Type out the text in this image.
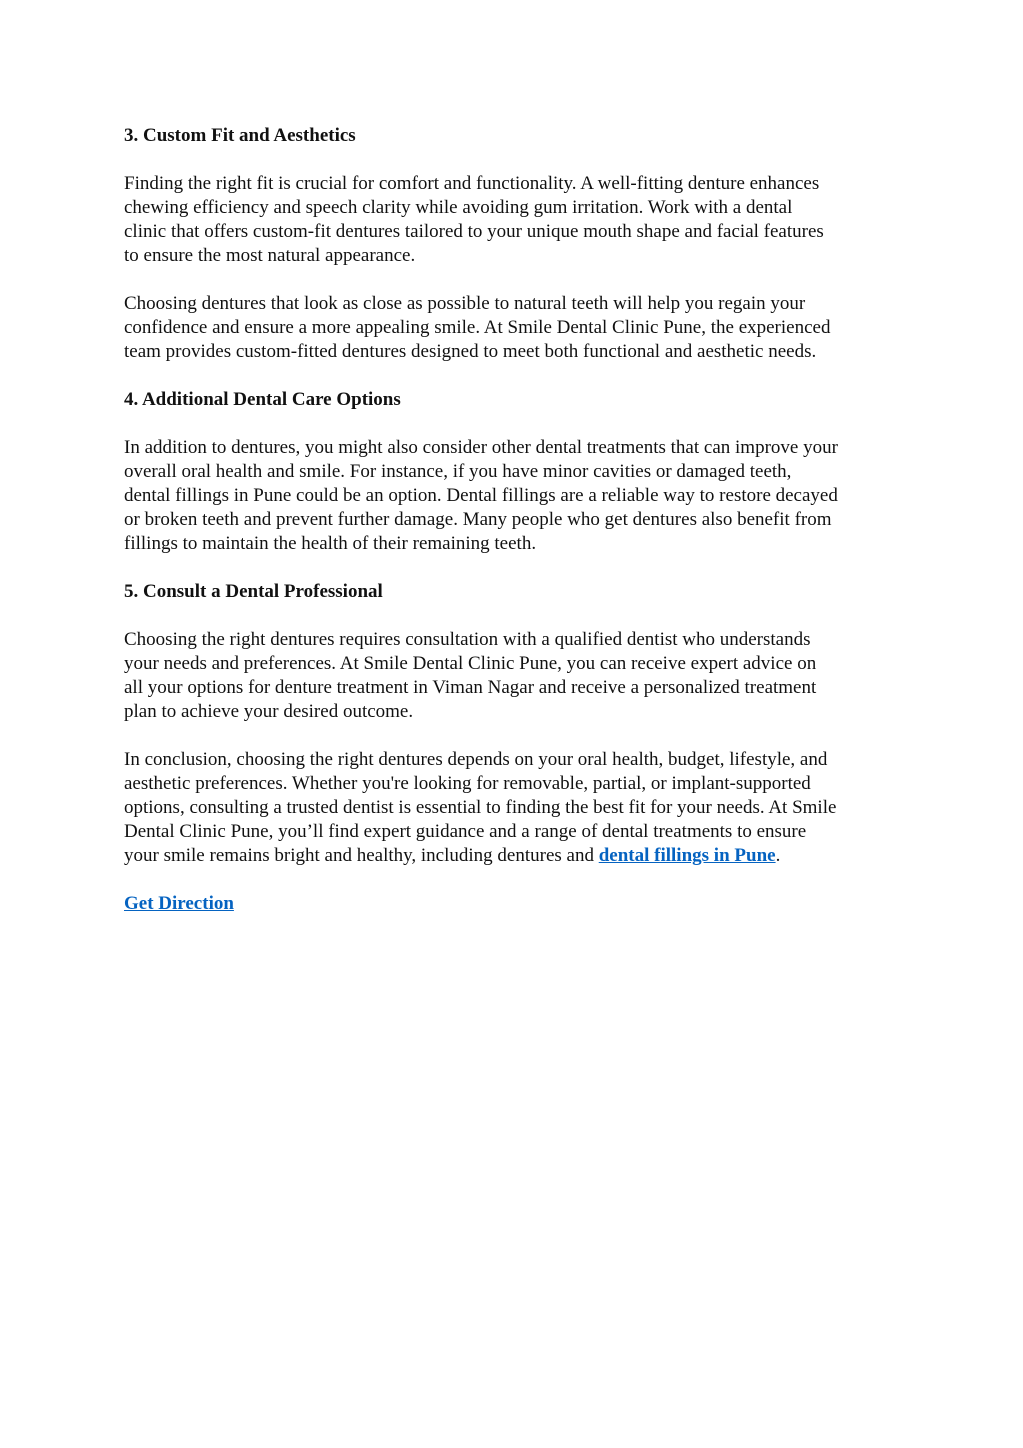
3. Custom Fit and Aesthetics

Finding the right fit is crucial for comfort and functionality. A well-fitting denture enhances

chewing efficiency and speech clarity while avoiding gum irritation. Work with a dental

clinic that offers custom-fit dentures tailored to your unique mouth shape and facial features

to ensure the most natural appearance.

Choosing dentures that look as close as possible to natural teeth will help you regain your

confidence and ensure a more appealing smile. At Smile Dental Clinic Pune, the experienced

team provides custom-fitted dentures designed to meet both functional and aesthetic needs.

4. Additional Dental Care Options

In addition to dentures, you might also consider other dental treatments that can improve your

overall oral health and smile. For instance, if you have minor cavities or damaged teeth,

dental fillings in Pune could be an option. Dental fillings are a reliable way to restore decayed

or broken teeth and prevent further damage. Many people who get dentures also benefit from

fillings to maintain the health of their remaining teeth.

5. Consult a Dental Professional

Choosing the right dentures requires consultation with a qualified dentist who understands

your needs and preferences. At Smile Dental Clinic Pune, you can receive expert advice on

all your options for denture treatment in Viman Nagar and receive a personalized treatment

plan to achieve your desired outcome.

In conclusion, choosing the right dentures depends on your oral health, budget, lifestyle, and

aesthetic preferences. Whether you're looking for removable, partial, or implant-supported

options, consulting a trusted dentist is essential to finding the best fit for your needs. At Smile

Dental Clinic Pune, you’ll find expert guidance and a range of dental treatments to ensure

your smile remains bright and healthy, including dentures and dental fillings in Pune.

Get Direction
